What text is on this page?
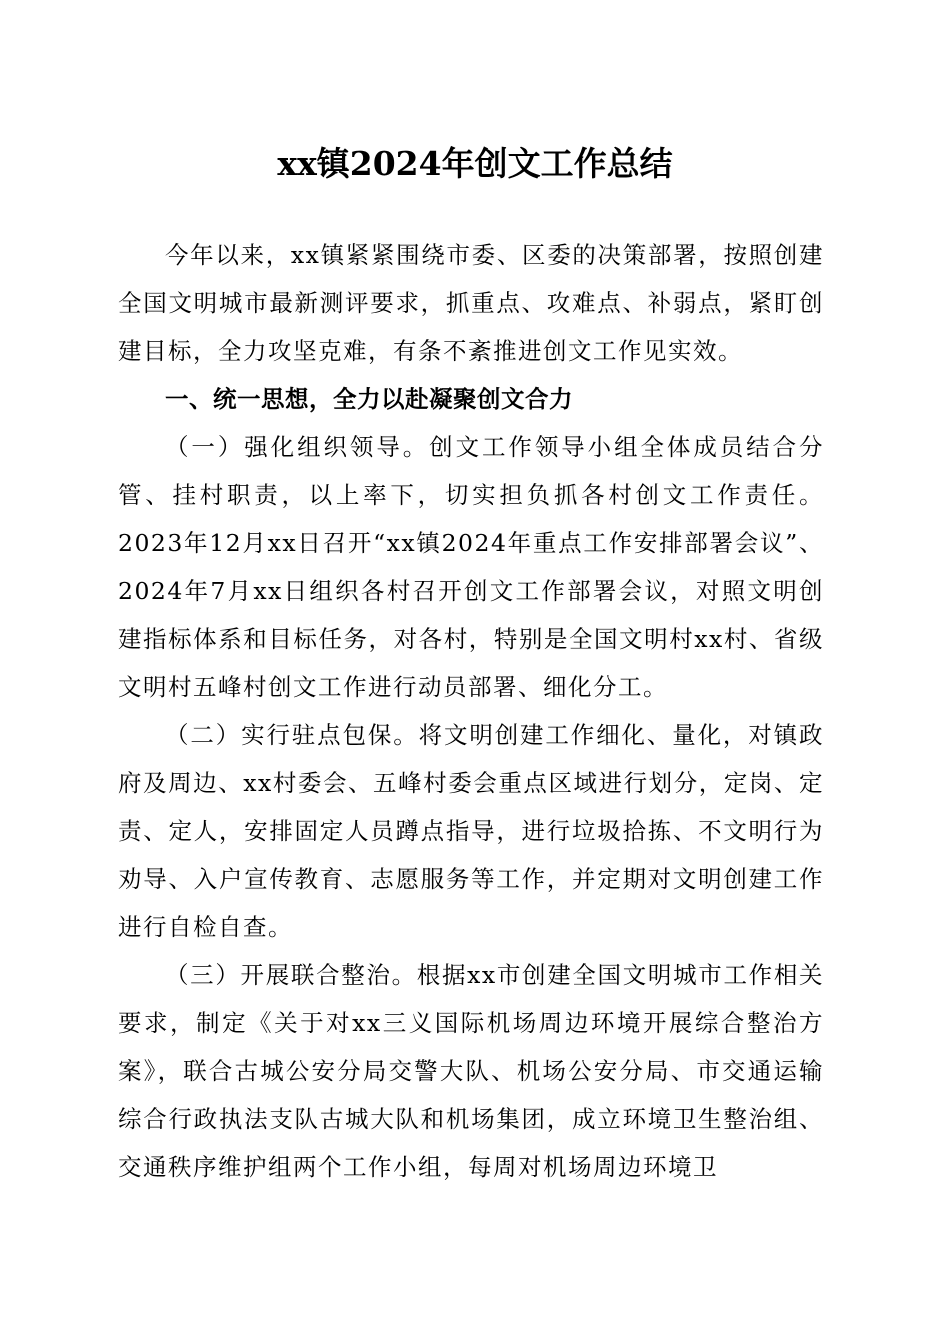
xx镇2024年创文工作总结

今年以来，xx镇紧紧围绕市委、区委的决策部署，按照创建全国文明城市最新测评要求，抓重点、攻难点、补弱点，紧盯创建目标，全力攻坚克难，有条不紊推进创文工作见实效。

一、统一思想，全力以赴凝聚创文合力

（一）强化组织领导。创文工作领导小组全体成员结合分管、挂村职责，以上率下，切实担负抓各村创文工作责任。2023年12月xx日召开“xx镇2024年重点工作安排部署会议”、2024年7月xx日组织各村召开创文工作部署会议，对照文明创建指标体系和目标任务，对各村，特别是全国文明村xx村、省级文明村五峰村创文工作进行动员部署、细化分工。

（二）实行驻点包保。将文明创建工作细化、量化，对镇政府及周边、xx村委会、五峰村委会重点区域进行划分，定岗、定责、定人，安排固定人员蹲点指导，进行垃圾拾拣、不文明行为劝导、入户宣传教育、志愿服务等工作，并定期对文明创建工作进行自检自查。

（三）开展联合整治。根据xx市创建全国文明城市工作相关要求，制定《关于对xx三义国际机场周边环境开展综合整治方案》，联合古城公安分局交警大队、机场公安分局、市交通运输综合行政执法支队古城大队和机场集团，成立环境卫生整治组、交通秩序维护组两个工作小组，每周对机场周边环境卫
